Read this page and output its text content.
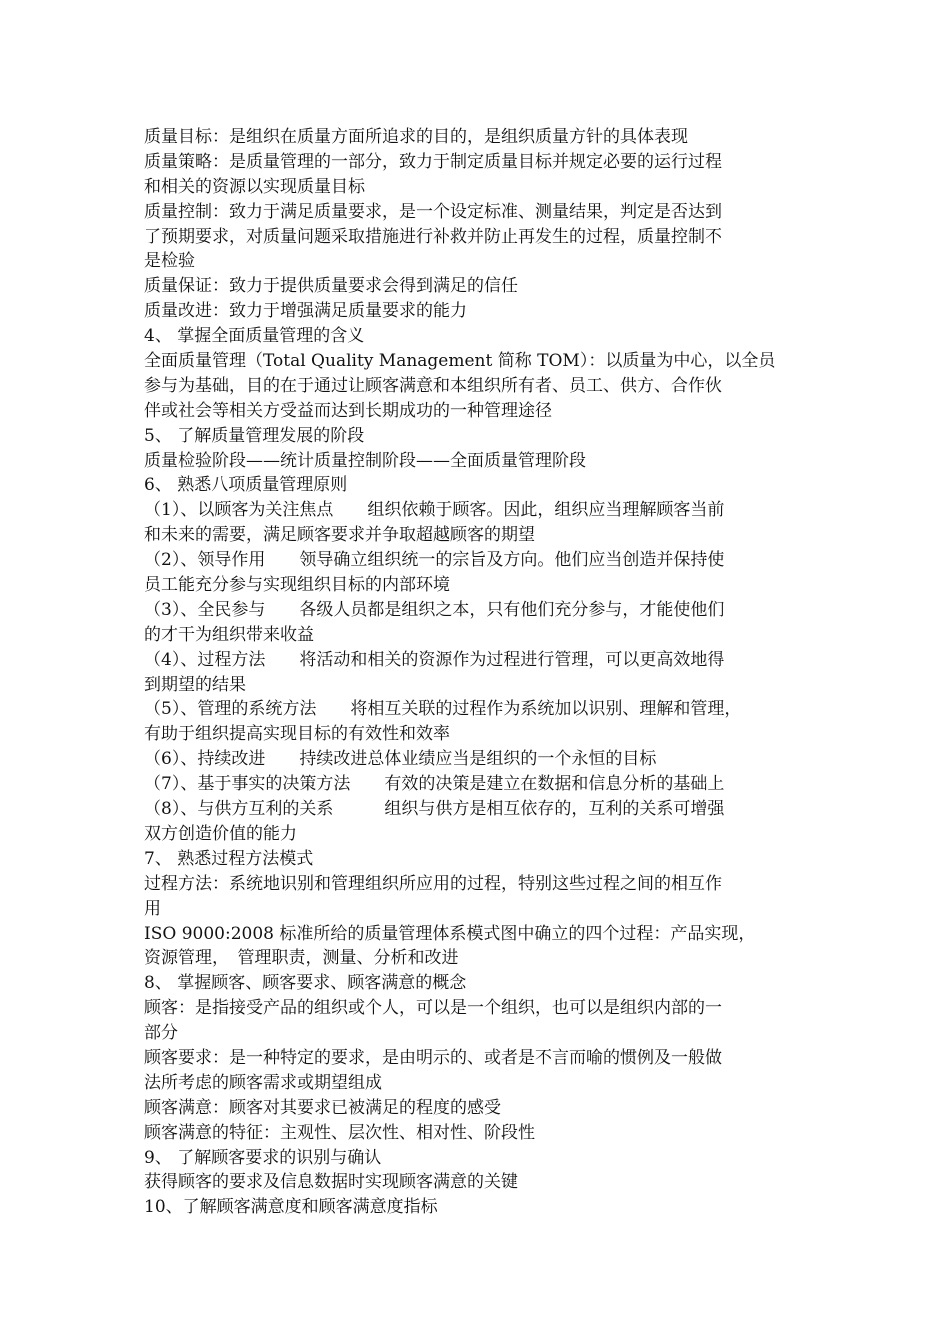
质量目标：是组织在质量方面所追求的目的，是组织质量方针的具体表现
质量策略：是质量管理的一部分，致力于制定质量目标并规定必要的运行过程
和相关的资源以实现质量目标
质量控制：致力于满足质量要求，是一个设定标准、测量结果，判定是否达到
了预期要求，对质量问题采取措施进行补救并防止再发生的过程，质量控制不
是检验
质量保证：致力于提供质量要求会得到满足的信任
质量改进：致力于增强满足质量要求的能力
4、 掌握全面质量管理的含义
全面质量管理（Total Quality Management 简称 TOM）：以质量为中心，以全员
参与为基础，目的在于通过让顾客满意和本组织所有者、员工、供方、合作伙
伴或社会等相关方受益而达到长期成功的一种管理途径
5、 了解质量管理发展的阶段
质量检验阶段——统计质量控制阶段——全面质量管理阶段
6、 熟悉八项质量管理原则
（1）、以顾客为关注焦点　　组织依赖于顾客。因此，组织应当理解顾客当前
和未来的需要，满足顾客要求并争取超越顾客的期望
（2）、领导作用　　领导确立组织统一的宗旨及方向。他们应当创造并保持使
员工能充分参与实现组织目标的内部环境
（3）、全民参与　　各级人员都是组织之本，只有他们充分参与，才能使他们
的才干为组织带来收益
（4）、过程方法　　将活动和相关的资源作为过程进行管理，可以更高效地得
到期望的结果
（5）、管理的系统方法　　将相互关联的过程作为系统加以识别、理解和管理，
有助于组织提高实现目标的有效性和效率
（6）、持续改进　　持续改进总体业绩应当是组织的一个永恒的目标
（7）、基于事实的决策方法　　有效的决策是建立在数据和信息分析的基础上
（8）、与供方互利的关系　　　组织与供方是相互依存的，互利的关系可增强
双方创造价值的能力
7、 熟悉过程方法模式
过程方法：系统地识别和管理组织所应用的过程，特别这些过程之间的相互作
用
ISO 9000:2008 标准所给的质量管理体系模式图中确立的四个过程：产品实现，
资源管理，　管理职责，测量、分析和改进
8、 掌握顾客、顾客要求、顾客满意的概念
顾客：是指接受产品的组织或个人，可以是一个组织，也可以是组织内部的一
部分
顾客要求：是一种特定的要求，是由明示的、或者是不言而喻的惯例及一般做
法所考虑的顾客需求或期望组成
顾客满意：顾客对其要求已被满足的程度的感受
顾客满意的特征：主观性、层次性、相对性、阶段性
9、 了解顾客要求的识别与确认
获得顾客的要求及信息数据时实现顾客满意的关键
10、了解顾客满意度和顾客满意度指标
